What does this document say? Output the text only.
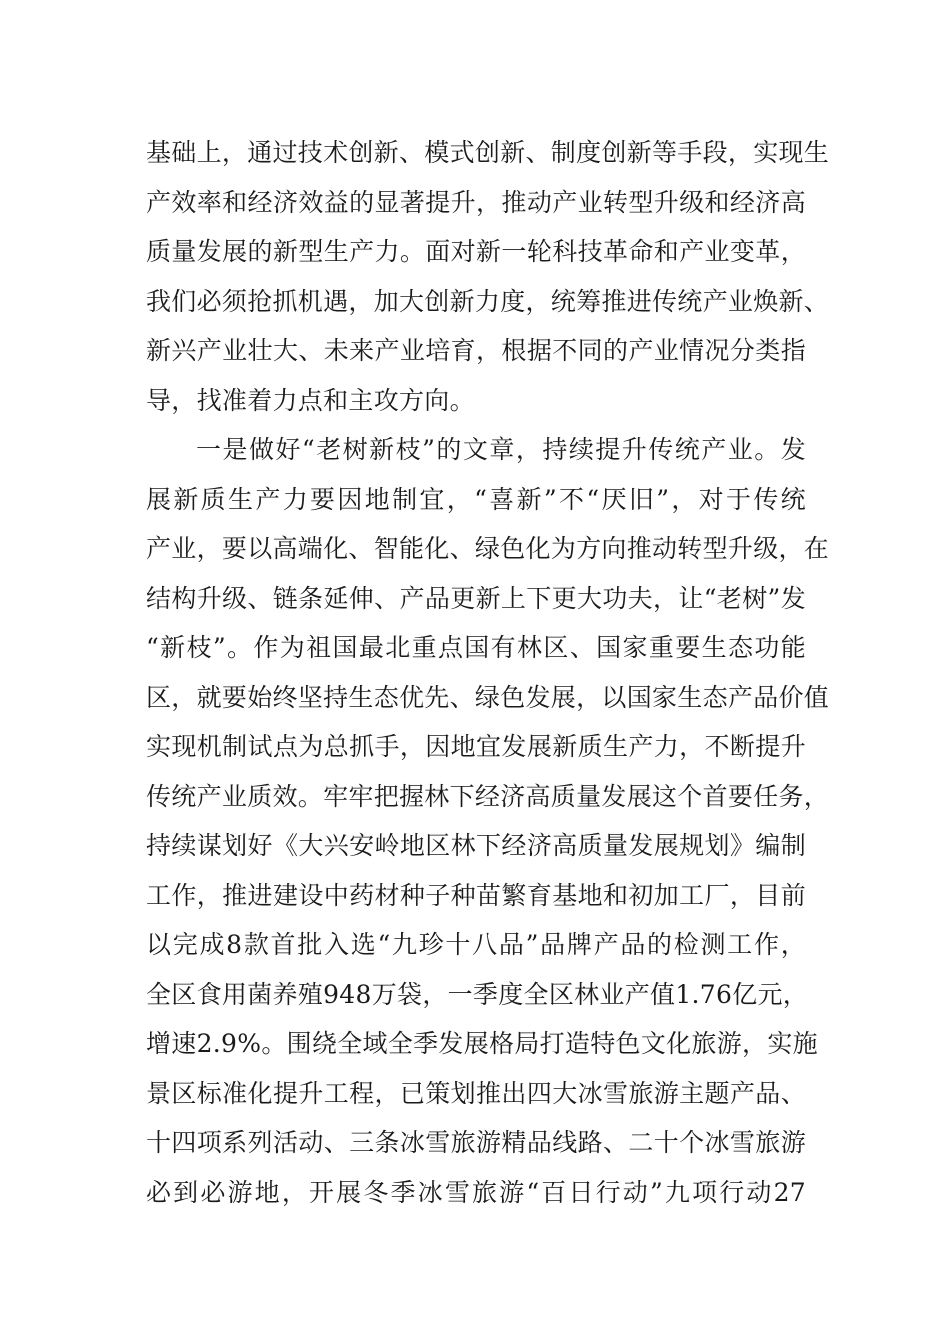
基础上，通过技术创新、模式创新、制度创新等手段，实现生
产效率和经济效益的显著提升，推动产业转型升级和经济高
质量发展的新型生产力。面对新一轮科技革命和产业变革，
我们必须抢抓机遇，加大创新力度，统筹推进传统产业焕新、
新兴产业壮大、未来产业培育，根据不同的产业情况分类指
导，找准着力点和主攻方向。
一是做好“老树新枝”的文章，持续提升传统产业。发
展新质生产力要因地制宜，“喜新”不“厌旧”，对于传统
产业，要以高端化、智能化、绿色化为方向推动转型升级，在
结构升级、链条延伸、产品更新上下更大功夫，让“老树”发
“新枝”。作为祖国最北重点国有林区、国家重要生态功能
区，就要始终坚持生态优先、绿色发展，以国家生态产品价值
实现机制试点为总抓手，因地宜发展新质生产力，不断提升
传统产业质效。牢牢把握林下经济高质量发展这个首要任务，
持续谋划好《大兴安岭地区林下经济高质量发展规划》编制
工作，推进建设中药材种子种苗繁育基地和初加工厂，目前
以完成8款首批入选“九珍十八品”品牌产品的检测工作，
全区食用菌养殖948万袋，一季度全区林业产值1.76亿元，
增速2.9%。围绕全域全季发展格局打造特色文化旅游，实施
景区标准化提升工程，已策划推出四大冰雪旅游主题产品、
十四项系列活动、三条冰雪旅游精品线路、二十个冰雪旅游
必到必游地，开展冬季冰雪旅游“百日行动”九项行动27
